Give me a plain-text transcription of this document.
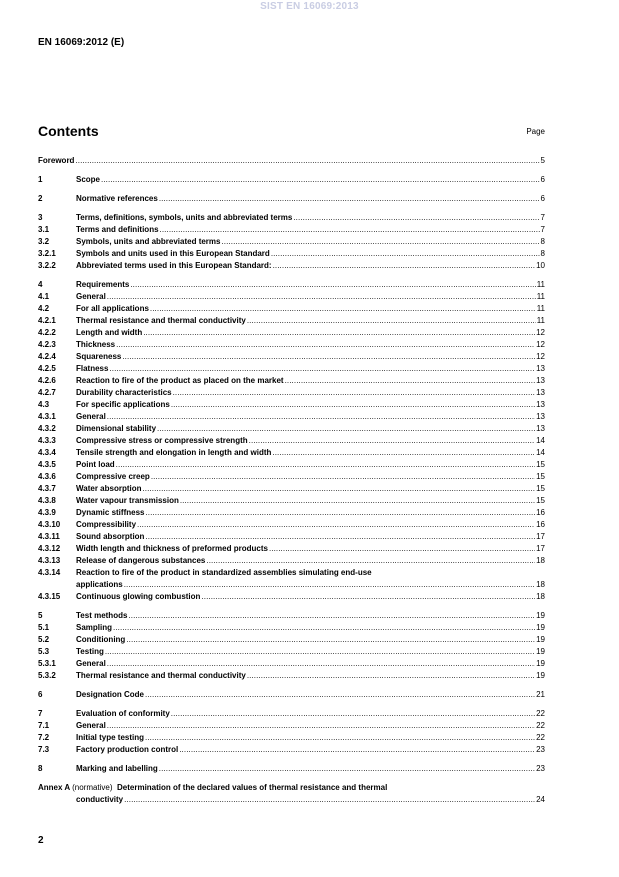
SIST EN 16069:2013
EN 16069:2012 (E)
Contents	Page
Foreword .....	5
1	Scope .....	6
2	Normative references .....	6
3	Terms, definitions, symbols, units and abbreviated terms .....	7
3.1	Terms and definitions .....	7
3.2	Symbols, units and abbreviated terms .....	8
3.2.1	Symbols and units used in this European Standard .....	8
3.2.2	Abbreviated terms used in this European Standard: .....	10
4	Requirements .....	11
4.1	General .....	11
4.2	For all applications .....	11
4.2.1	Thermal resistance and thermal conductivity .....	11
4.2.2	Length and width .....	12
4.2.3	Thickness .....	12
4.2.4	Squareness .....	12
4.2.5	Flatness .....	13
4.2.6	Reaction to fire of the product as placed on the market .....	13
4.2.7	Durability characteristics .....	13
4.3	For specific applications .....	13
4.3.1	General .....	13
4.3.2	Dimensional stability .....	13
4.3.3	Compressive stress or compressive strength .....	14
4.3.4	Tensile strength and elongation in length and width .....	14
4.3.5	Point load .....	15
4.3.6	Compressive creep .....	15
4.3.7	Water absorption .....	15
4.3.8	Water vapour transmission .....	15
4.3.9	Dynamic stiffness .....	16
4.3.10	Compressibility .....	16
4.3.11	Sound absorption .....	17
4.3.12	Width length and thickness of preformed products .....	17
4.3.13	Release of dangerous substances .....	18
4.3.14	Reaction to fire of the product in standardized assemblies simulating end-use
applications .....	18
4.3.15	Continuous glowing combustion .....	18
5	Test methods .....	19
5.1	Sampling .....	19
5.2	Conditioning .....	19
5.3	Testing .....	19
5.3.1	General .....	19
5.3.2	Thermal resistance and thermal conductivity .....	19
6	Designation Code .....	21
7	Evaluation of conformity .....	22
7.1	General .....	22
7.2	Initial type testing .....	22
7.3	Factory production control .....	23
8	Marking and labelling .....	23
Annex A (normative) Determination of the declared values of thermal resistance and thermal
conductivity .....	24
2
